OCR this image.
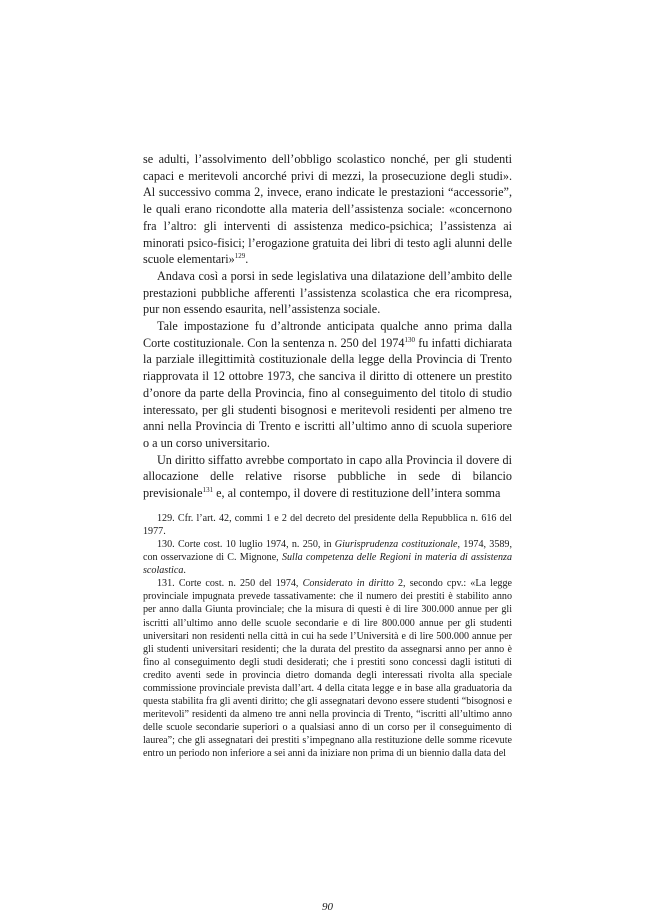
se adulti, l’assolvimento dell’obbligo scolastico nonché, per gli studenti capaci e meritevoli ancorché privi di mezzi, la prosecuzione degli studi». Al successivo comma 2, invece, erano indicate le prestazioni “accessorie”, le quali erano ricondotte alla materia dell’assistenza sociale: «concernono fra l’altro: gli interventi di assistenza medico-psichica; l’assistenza ai minorati psico-fisici; l’erogazione gratuita dei libri di testo agli alunni delle scuole elementari»$^{129}$.

Andava così a porsi in sede legislativa una dilatazione dell’ambito delle prestazioni pubbliche afferenti l’assistenza scolastica che era ricompresa, pur non essendo esaurita, nell’assistenza sociale.

Tale impostazione fu d’altronde anticipata qualche anno prima dalla Corte costituzionale. Con la sentenza n. 250 del 1974$^{130}$ fu infatti dichiarata la parziale illegittimità costituzionale della legge della Provincia di Trento riapprovata il 12 ottobre 1973, che sanciva il diritto di ottenere un prestito d’onore da parte della Provincia, fino al conseguimento del titolo di studio interessato, per gli studenti bisognosi e meritevoli residenti per almeno tre anni nella Provincia di Trento e iscritti all’ultimo anno di scuola superiore o a un corso universitario.

Un diritto siffatto avrebbe comportato in capo alla Provincia il dovere di allocazione delle relative risorse pubbliche in sede di bilancio previsionale$^{131}$ e, al contempo, il dovere di restituzione dell’intera somma

129. Cfr. l’art. 42, commi 1 e 2 del decreto del presidente della Repubblica n. 616 del 1977.

130. Corte cost. 10 luglio 1974, n. 250, in Giurisprudenza costituzionale, 1974, 3589, con osservazione di C. Mignone, Sulla competenza delle Regioni in materia di assistenza scolastica.

131. Corte cost. n. 250 del 1974, Considerato in diritto 2, secondo cpv.: «La legge provinciale impugnata prevede tassativamente: che il numero dei prestiti è stabilito anno per anno dalla Giunta provinciale; che la misura di questi è di lire 300.000 annue per gli iscritti all’ultimo anno delle scuole secondarie e di lire 800.000 annue per gli studenti universitari non residenti nella città in cui ha sede l’Università e di lire 500.000 annue per gli studenti universitari residenti; che la durata del prestito da assegnarsi anno per anno è fino al conseguimento degli studi desiderati; che i prestiti sono concessi dagli istituti di credito aventi sede in provincia dietro domanda degli interessati rivolta alla speciale commissione provinciale prevista dall’art. 4 della citata legge e in base alla graduatoria da questa stabilita fra gli aventi diritto; che gli assegnatari devono essere studenti “bisognosi e meritevoli” residenti da almeno tre anni nella provincia di Trento, “iscritti all’ultimo anno delle scuole secondarie superiori o a qualsiasi anno di un corso per il conseguimento di laurea”; che gli assegnatari dei prestiti s’impegnano alla restituzione delle somme ricevute entro un periodo non inferiore a sei anni da iniziare non prima di un biennio dalla data del

90
